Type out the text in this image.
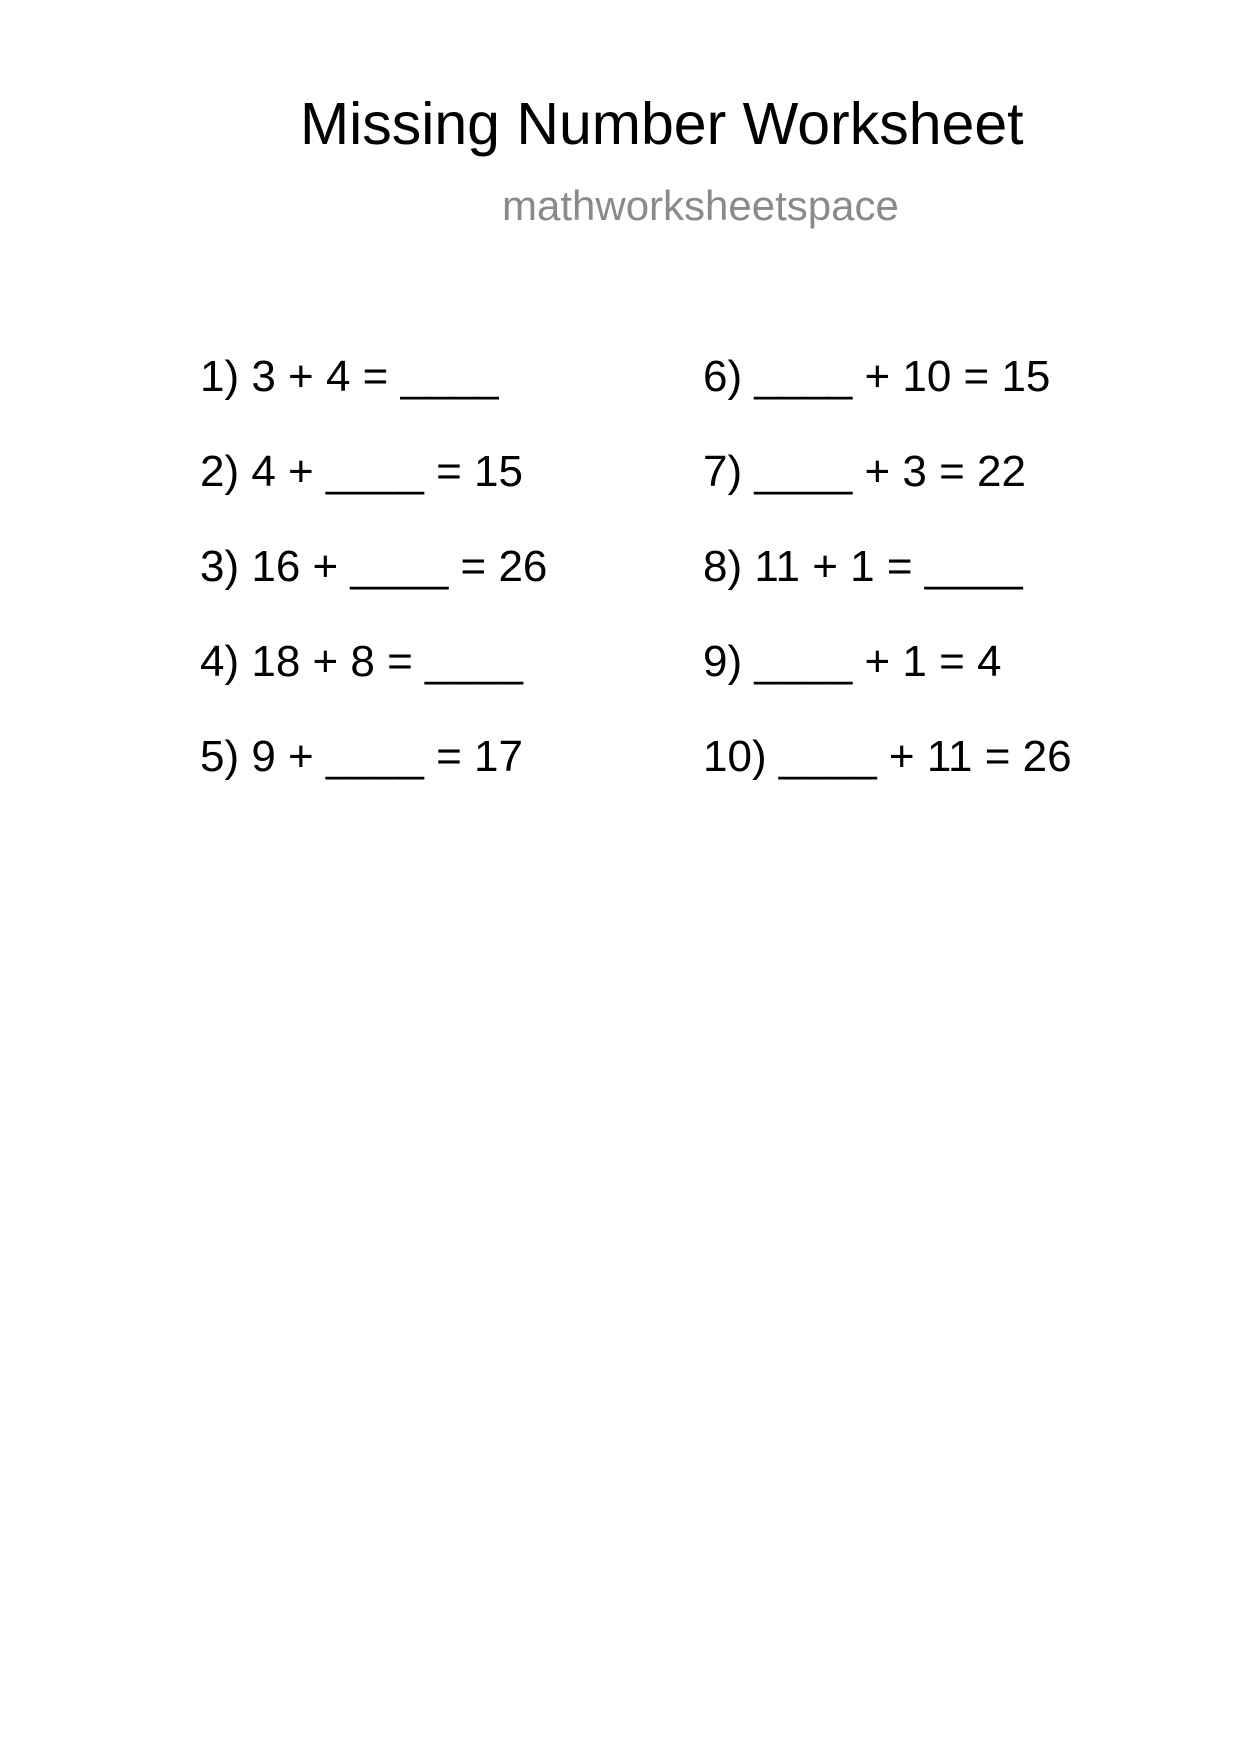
Missing Number Worksheet
mathworksheetspace
1) 3 + 4 = ____
2) 4 + ____ = 15
3) 16 + ____ = 26
4) 18 + 8 = ____
5) 9 + ____ = 17
6) ____ + 10 = 15
7) ____ + 3 = 22
8) 11 + 1 = ____
9) ____ + 1 = 4
10) ____ + 11 = 26
